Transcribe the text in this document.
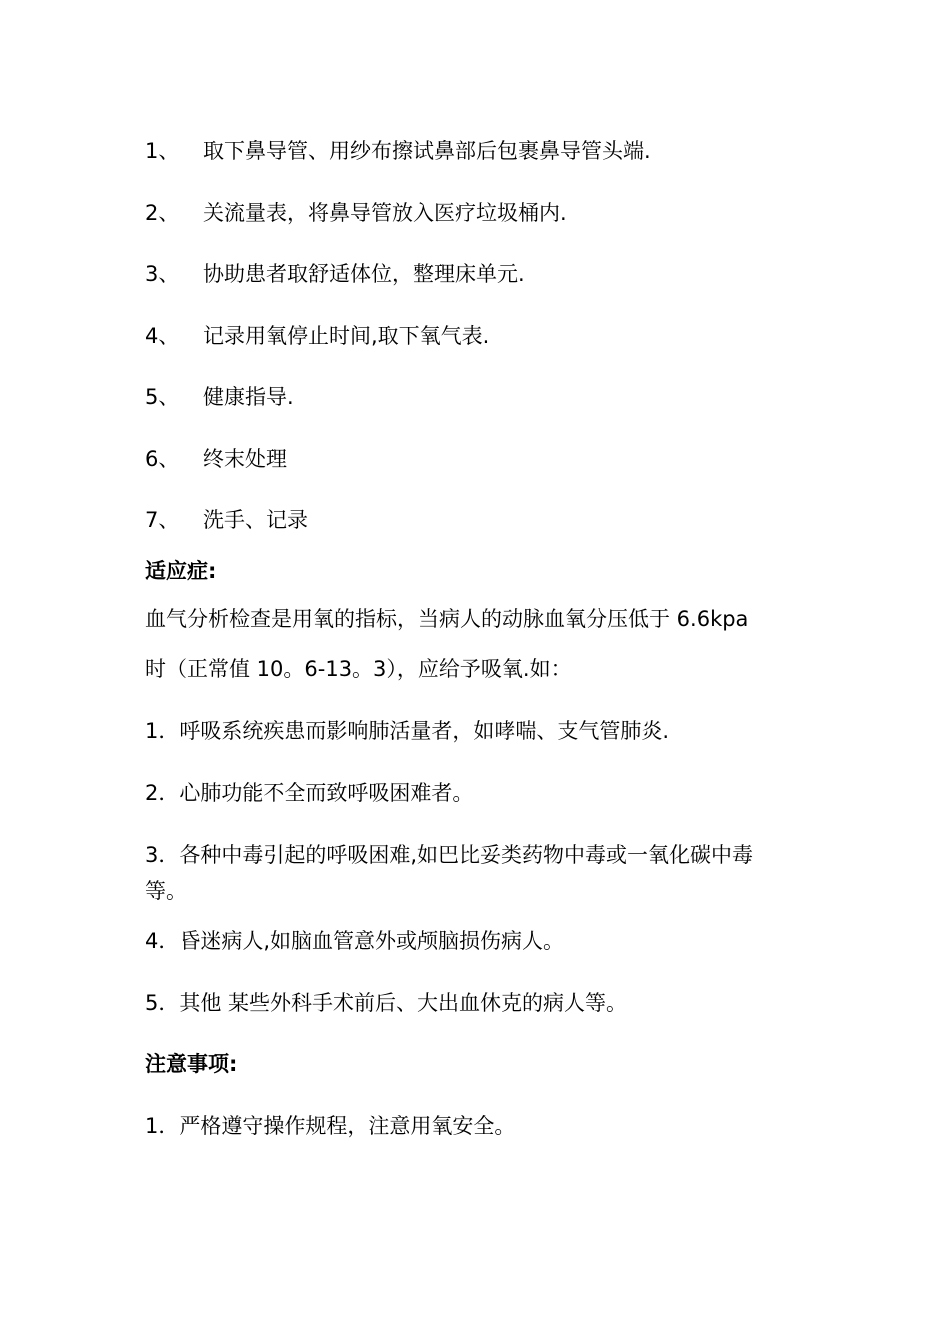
1、 取下鼻导管、用纱布擦试鼻部后包裹鼻导管头端.
2、 关流量表，将鼻导管放入医疗垃圾桶内.
3、 协助患者取舒适体位，整理床单元.
4、 记录用氧停止时间,取下氧气表.
5、 健康指导.
6、 终末处理
7、 洗手、记录
适应症:
血气分析检查是用氧的指标，当病人的动脉血氧分压低于 6.6kpa
时（正常值 10。6-13。3），应给予吸氧.如：
1．呼吸系统疾患而影响肺活量者，如哮喘、支气管肺炎.
2．心肺功能不全而致呼吸困难者。
3．各种中毒引起的呼吸困难,如巴比妥类药物中毒或一氧化碳中毒
等。
4．昏迷病人,如脑血管意外或颅脑损伤病人。
5．其他 某些外科手术前后、大出血休克的病人等。
注意事项:
1．严格遵守操作规程，注意用氧安全。
